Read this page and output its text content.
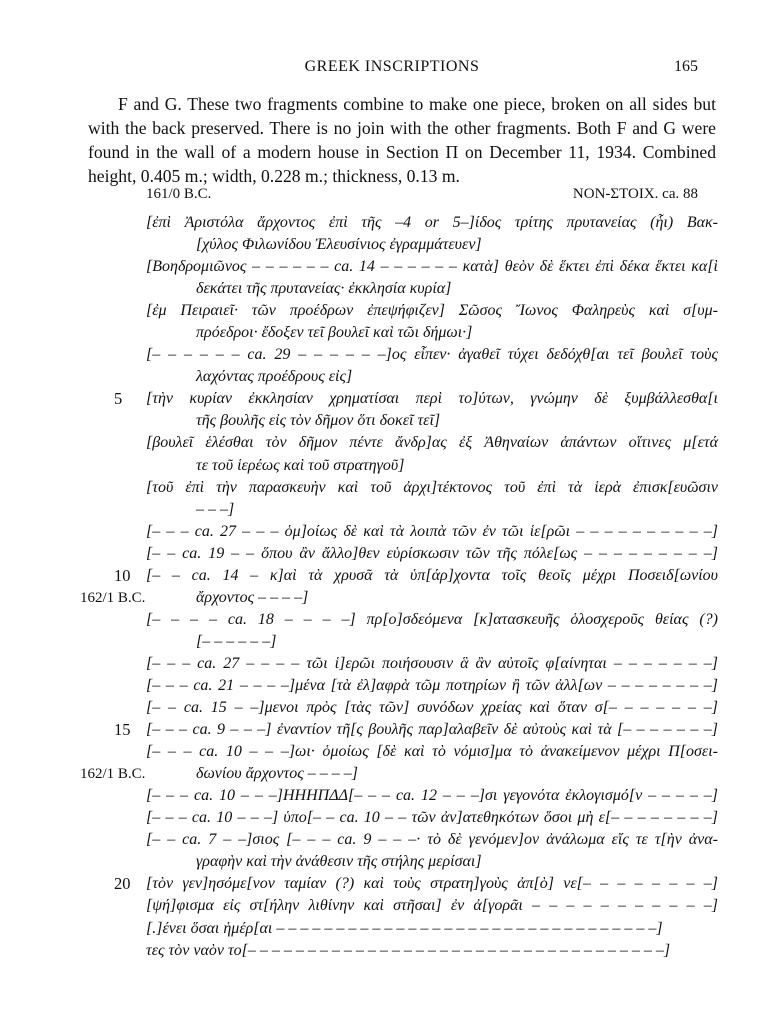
GREEK INSCRIPTIONS	165

F and G. These two fragments combine to make one piece, broken on all sides but with the back preserved. There is no join with the other fragments. Both F and G were found in the wall of a modern house in Section Π on December 11, 1934. Combined height, 0.405 m.; width, 0.228 m.; thickness, 0.13 m.

161/0 B.C.	NON-ΣΤΟΙΧ. ca. 88
[ἐπὶ Ἀριστόλα ἄρχοντος ἐπὶ τῆς –4 or 5–]ίδος τρίτης πρυτανείας (ἧι) Βακ-
[χύλος Φιλωνίδου Ἐλευσίνιος ἐγραμμάτευεν]
[Βοηδρομιῶνος – – – – – – ca. 14 – – – – – – κατὰ] θεὸν δὲ ἕκτει ἐπὶ δέκα ἕκτει κα[ὶ
δεκάτει τῆς πρυτανείας· ἐκκλησία κυρία]
[ἐμ Πειραιεῖ· τῶν προέδρων ἐπεψήφιζεν] Σῶσος Ἴωνος Φαληρεὺς καὶ σ[υμ-
πρόεδροι· ἔδοξεν τεῖ βουλεῖ καὶ τῶι δήμωι·]
[– – – – – – ca. 29 – – – – – –]ος εἶπεν· ἀγαθεῖ τύχει δεδόχθ[αι τεῖ βουλεῖ τοὺς
λαχόντας προέδρους εἰς]
5	[τὴν κυρίαν ἐκκλησίαν χρηματίσαι περὶ το]ύτων, γνώμην δὲ ξυμβάλλεσθα[ι
τῆς βουλῆς εἰς τὸν δῆμον ὅτι δοκεῖ τεῖ]
[βουλεῖ ἑλέσθαι τὸν δῆμον πέντε ἄνδρ]ας ἐξ Ἀθηναίων ἁπάντων οἵτινες μ[ετά
τε τοῦ ἱερέως καὶ τοῦ στρατηγοῦ]
[τοῦ ἐπὶ τὴν παρασκευὴν καὶ τοῦ ἀρχι]τέκτονος τοῦ ἐπὶ τὰ ἱερὰ ἐπισκ[ευῶσιν
– – –]
[– – – ca. 27 – – – ὁμ]οίως δὲ καὶ τὰ λοιπὰ τῶν ἐν τῶι ἱε[ρῶι – – – – – – – – – –]
[– – ca. 19 – – ὅπου ἂν ἄλλο]θεν εὑρίσκωσιν τῶν τῆς πόλε[ως – – – – – – – – –]
10 [– – ca. 14 – κ]αὶ τὰ χρυσᾶ τὰ ὑπ[άρ]χοντα τοῖς θεοῖς μέχρι Ποσειδ[ωνίου
162/1 B.C.	ἄρχοντος – – – –]
[– – – – ca. 18 – – – –] πρ[ο]σδεόμενα [κ]ατασκευῆς ὁλοσχεροῦς θείας (?)
[– – – – – –]
[– – – ca. 27 – – – – τῶι ἱ]ερῶι ποιήσουσιν ἃ ἂν αὐτοῖς φ[αίνηται – – – – – – –]
[– – – ca. 21 – – – –]μένα [τὰ ἐλ]αφρὰ τῶμ ποτηρίων ἢ τῶν ἀλλ[ων – – – – – – – –]
[– – ca. 15 – –]μενοι πρὸς [τὰς τῶν] συνόδων χρείας καὶ ὅταν σ[– – – – – – –]
15 [– – – ca. 9 – – –] ἐναντίον τῆ[ς βουλῆς παρ]αλαβεῖν δὲ αὐτοὺς καὶ τὰ [– – – – – – –]
[– – – ca. 10 – – –]ωι· ὁμοίως [δὲ καὶ τὸ νόμισ]μα τὸ ἀνακείμενον μέχρι Π[οσει-
162/1 B.C.	δωνίου ἄρχοντος – – – –]
[– – – ca. 10 – – –]ΗΗΗΠΔΔ[– – – ca. 12 – – –]σι γεγονότα ἐκλογισμό[ν – – – – –]
[– – – ca. 10 – – –] ὑπο[– – ca. 10 – – τῶν ἀν]ατεθηκότων ὅσοι μὴ ε[– – – – – – – –]
[– – ca. 7 – –]σιος [– – – ca. 9 – – –· τὸ δὲ γενόμεν]ον ἀνάλωμα εἴς τε τ[ὴν ἀνα-
γραφὴν καὶ τὴν ἀνάθεσιν τῆς στήλης μερίσαι]
20 [τὸν γεν]ησόμε[νον ταμίαν (?) καὶ τοὺς στρατη]γοὺς ἀπ[ὸ] νε[– – – – – – – –]
[ψή]φισμα εἰς στ[ήλην λιθίνην καὶ στῆσαι] ἐν ἀ[γορᾶι – – – – – – – – – – –]
[.]ένει ὅσαι ἡμέρ[αι – – – – – – – – – – – – – – – – – – – – – – – – – – – – – – – –]
τες τὸν ναὸν το[– – – – – – – – – – – – – – – – – – – – – – – – – – – – – – – – – – –]
